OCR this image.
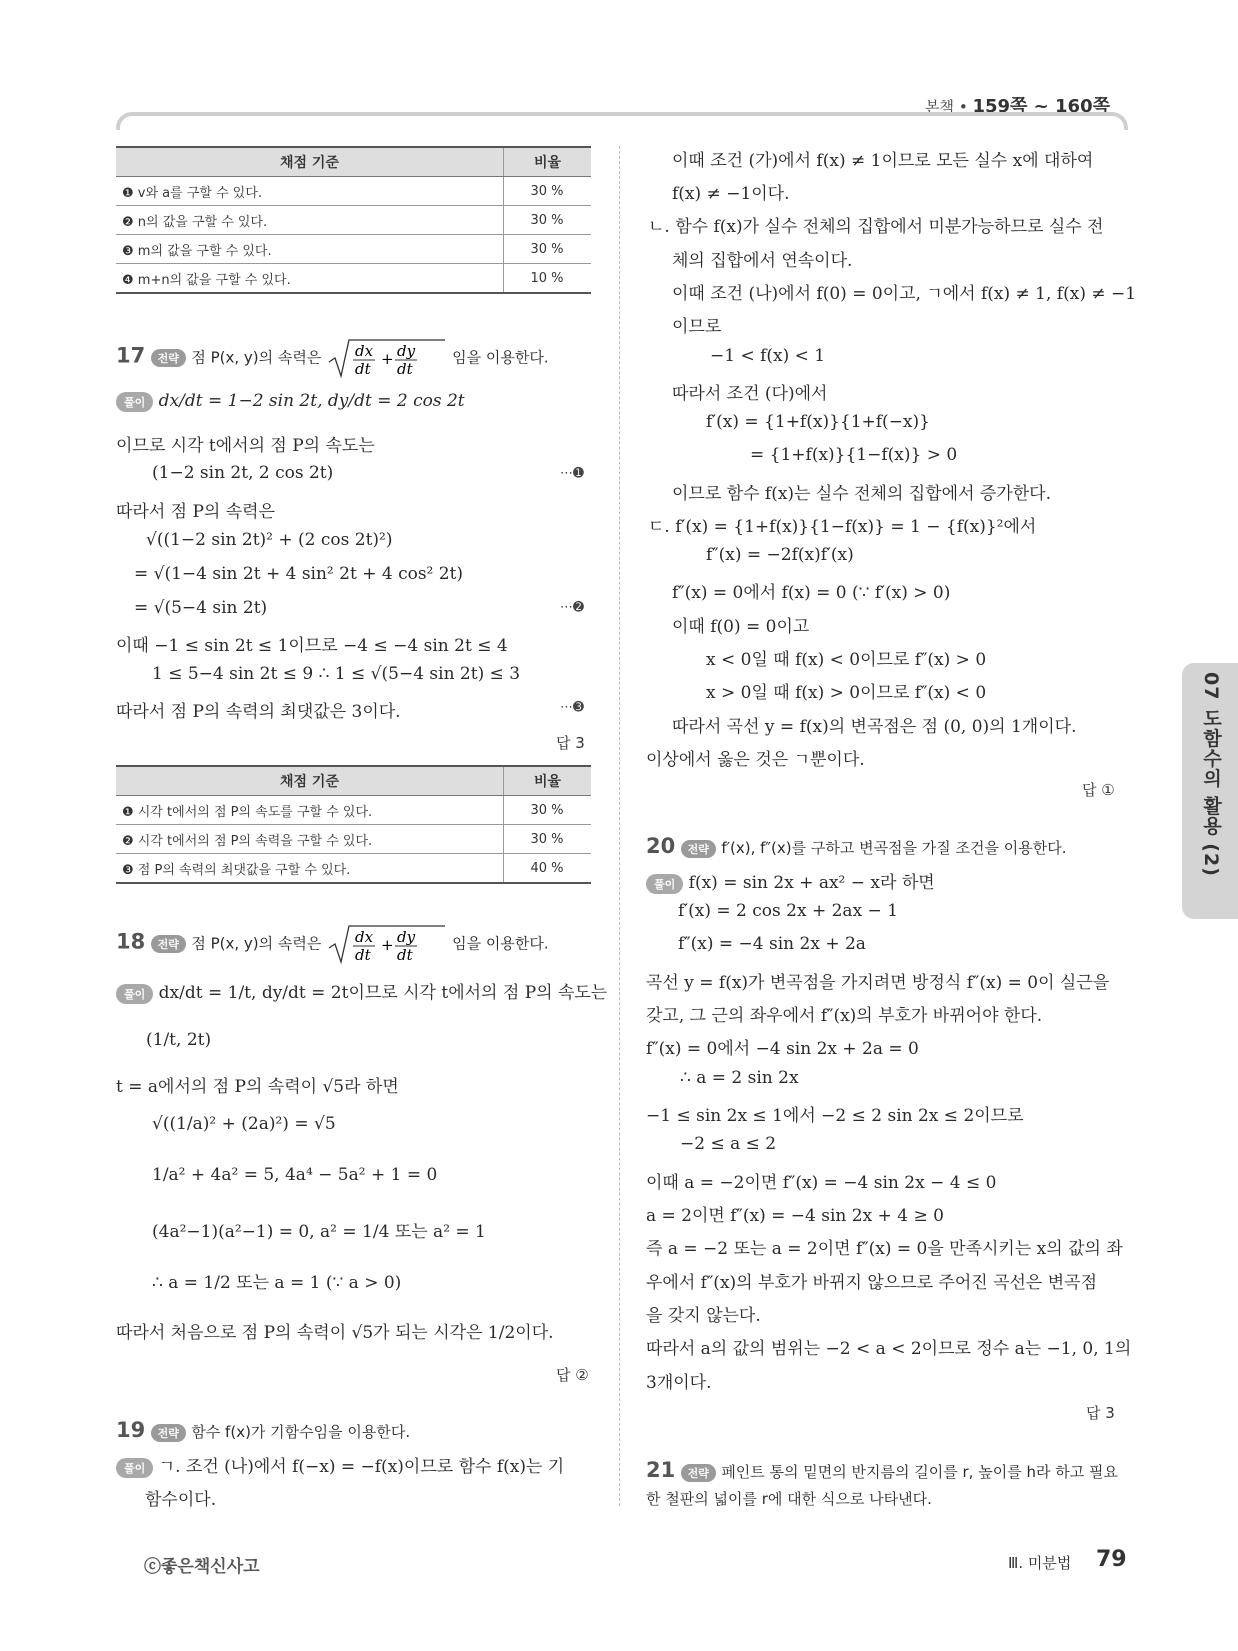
본책 • 159쪽 ~ 160쪽
채점 기준	비율
❶ v와 a를 구할 수 있다.	30 %
❷ n의 값을 구할 수 있다.	30 %
❸ m의 값을 구할 수 있다.	30 %
❹ m+n의 값을 구할 수 있다.	10 %
17 전략 점 P(x, y)의 속력은 dx
dt
+ dy
dt
임을 이용한다.
풀이 dx/dt = 1−2 sin 2t, dy/dt = 2 cos 2t
이므로 시각 t에서의 점 P의 속도는
(1−2 sin 2t, 2 cos 2t)	⋯➊
따라서 점 P의 속력은
√((1−2 sin 2t)² + (2 cos 2t)²)
= √(1−4 sin 2t + 4 sin² 2t + 4 cos² 2t)
= √(5−4 sin 2t)	⋯➋
이때 −1 ≤ sin 2t ≤ 1이므로 −4 ≤ −4 sin 2t ≤ 4
1 ≤ 5−4 sin 2t ≤ 9 ∴ 1 ≤ √(5−4 sin 2t) ≤ 3
따라서 점 P의 속력의 최댓값은 3이다.	⋯➌
답 3
채점 기준	비율
❶ 시각 t에서의 점 P의 속도를 구할 수 있다.	30 %
❷ 시각 t에서의 점 P의 속력을 구할 수 있다.	30 %
❸ 점 P의 속력의 최댓값을 구할 수 있다.	40 %
18 전략 점 P(x, y)의 속력은 dx
dt
+ dy
dt
임을 이용한다.
풀이 dx/dt = 1/t, dy/dt = 2t이므로 시각 t에서의 점 P의 속도는
(1/t, 2t)
t = a에서의 점 P의 속력이 √5라 하면
√((1/a)² + (2a)²) = √5
1/a² + 4a² = 5, 4a⁴ − 5a² + 1 = 0
(4a²−1)(a²−1) = 0, a² = 1/4 또는 a² = 1
∴ a = 1/2 또는 a = 1 (∵ a > 0)
따라서 처음으로 점 P의 속력이 √5가 되는 시각은 1/2이다.
답 ②
19 전략 함수 f(x)가 기함수임을 이용한다.
풀이 ㄱ. 조건 (나)에서 f(−x) = −f(x)이므로 함수 f(x)는 기
함수이다.
이때 조건 (가)에서 f(x) ≠ 1이므로 모든 실수 x에 대하여
f(x) ≠ −1이다.
ㄴ. 함수 f(x)가 실수 전체의 집합에서 미분가능하므로 실수 전
체의 집합에서 연속이다.
이때 조건 (나)에서 f(0) = 0이고, ㄱ에서 f(x) ≠ 1, f(x) ≠ −1
이므로
−1 < f(x) < 1
따라서 조건 (다)에서
f′(x) = {1+f(x)}{1+f(−x)}
= {1+f(x)}{1−f(x)} > 0
이므로 함수 f(x)는 실수 전체의 집합에서 증가한다.
ㄷ. f′(x) = {1+f(x)}{1−f(x)} = 1 − {f(x)}²에서
f″(x) = −2f(x)f′(x)
f″(x) = 0에서 f(x) = 0 (∵ f′(x) > 0)
이때 f(0) = 0이고
x < 0일 때 f(x) < 0이므로 f″(x) > 0
x > 0일 때 f(x) > 0이므로 f″(x) < 0
따라서 곡선 y = f(x)의 변곡점은 점 (0, 0)의 1개이다.
이상에서 옳은 것은 ㄱ뿐이다.
답 ①
20 전략 f′(x), f″(x)를 구하고 변곡점을 가질 조건을 이용한다.
풀이 f(x) = sin 2x + ax² − x라 하면
f′(x) = 2 cos 2x + 2ax − 1
f″(x) = −4 sin 2x + 2a
곡선 y = f(x)가 변곡점을 가지려면 방정식 f″(x) = 0이 실근을
갖고, 그 근의 좌우에서 f″(x)의 부호가 바뀌어야 한다.
f″(x) = 0에서 −4 sin 2x + 2a = 0
∴ a = 2 sin 2x
−1 ≤ sin 2x ≤ 1에서 −2 ≤ 2 sin 2x ≤ 2이므로
−2 ≤ a ≤ 2
이때 a = −2이면 f″(x) = −4 sin 2x − 4 ≤ 0
a = 2이면 f″(x) = −4 sin 2x + 4 ≥ 0
즉 a = −2 또는 a = 2이면 f″(x) = 0을 만족시키는 x의 값의 좌
우에서 f″(x)의 부호가 바뀌지 않으므로 주어진 곡선은 변곡점
을 갖지 않는다.
따라서 a의 값의 범위는 −2 < a < 2이므로 정수 a는 −1, 0, 1의
3개이다.
답 3
21 전략 페인트 통의 밑면의 반지름의 길이를 r, 높이를 h라 하고 필요
한 철판의 넓이를 r에 대한 식으로 나타낸다.
07 도함수의 활용 (2)
ⓒ좋은책신사고	Ⅲ. 미분법 79
